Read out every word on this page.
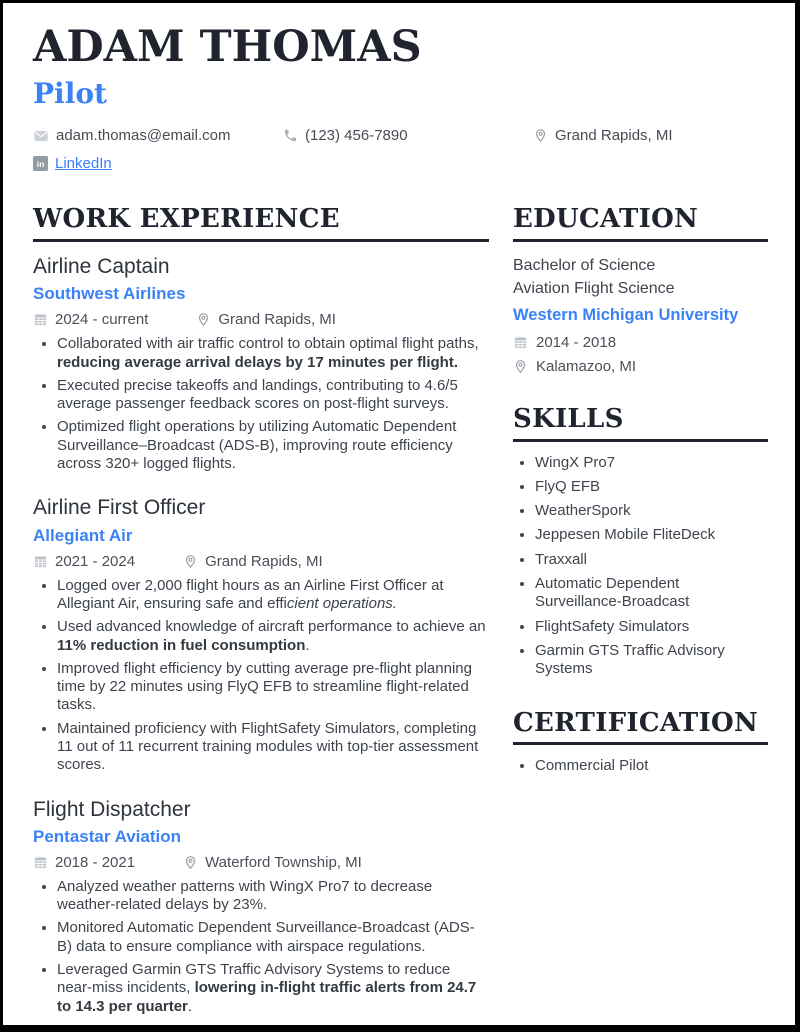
ADAM THOMAS
Pilot
adam.thomas@email.com	(123) 456-7890	Grand Rapids, MI
in LinkedIn
WORK EXPERIENCE
Airline Captain
Southwest Airlines
2024 - current	Grand Rapids, MI
• Collaborated with air traffic control to obtain optimal flight paths, reducing average arrival delays by 17 minutes per flight.
• Executed precise takeoffs and landings, contributing to 4.6/5 average passenger feedback scores on post-flight surveys.
• Optimized flight operations by utilizing Automatic Dependent Surveillance–Broadcast (ADS-B), improving route efficiency across 320+ logged flights.
Airline First Officer
Allegiant Air
2021 - 2024	Grand Rapids, MI
• Logged over 2,000 flight hours as an Airline First Officer at Allegiant Air, ensuring safe and efficient operations.
• Used advanced knowledge of aircraft performance to achieve an 11% reduction in fuel consumption.
• Improved flight efficiency by cutting average pre-flight planning time by 22 minutes using FlyQ EFB to streamline flight-related tasks.
• Maintained proficiency with FlightSafety Simulators, completing 11 out of 11 recurrent training modules with top-tier assessment scores.
Flight Dispatcher
Pentastar Aviation
2018 - 2021	Waterford Township, MI
• Analyzed weather patterns with WingX Pro7 to decrease weather-related delays by 23%.
• Monitored Automatic Dependent Surveillance-Broadcast (ADS-B) data to ensure compliance with airspace regulations.
• Leveraged Garmin GTS Traffic Advisory Systems to reduce near-miss incidents, lowering in-flight traffic alerts from 24.7 to 14.3 per quarter.
EDUCATION
Bachelor of Science
Aviation Flight Science
Western Michigan University
2014 - 2018
Kalamazoo, MI
SKILLS
• WingX Pro7
• FlyQ EFB
• WeatherSpork
• Jeppesen Mobile FliteDeck
• Traxxall
• Automatic Dependent Surveillance-Broadcast
• FlightSafety Simulators
• Garmin GTS Traffic Advisory Systems
CERTIFICATION
• Commercial Pilot
